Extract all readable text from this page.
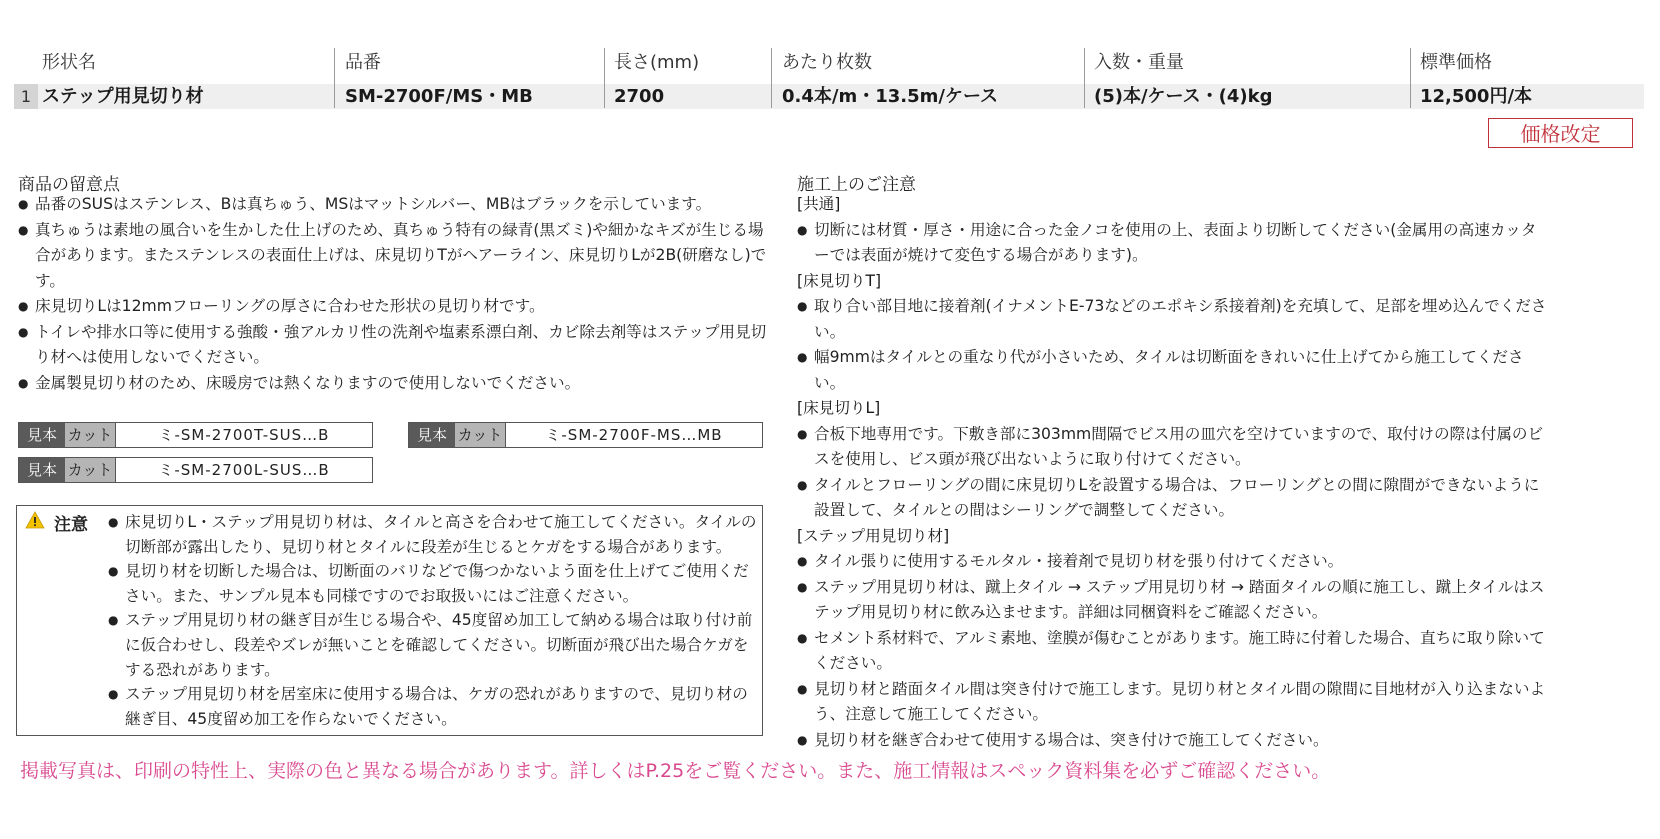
形状名	品番	長さ(mm)	あたり枚数	入数・重量	標準価格
1 ステップ用見切り材	SM-2700F/MS・MB	2700	0.4本/m・13.5m/ケース	(5)本/ケース・(4)kg	12,500円/本
価格改定
商品の留意点
● 品番のSUSはステンレス、Bは真ちゅう、MSはマットシルバー、MBはブラックを示しています。
● 真ちゅうは素地の風合いを生かした仕上げのため、真ちゅう特有の緑青(黒ズミ)や細かなキズが生じる場合があります。またステンレスの表面仕上げは、床見切りTがヘアーライン、床見切りLが2B(研磨なし)です。
● 床見切りLは12mmフローリングの厚さに合わせた形状の見切り材です。
● トイレや排水口等に使用する強酸・強アルカリ性の洗剤や塩素系漂白剤、カビ除去剤等はステップ用見切り材へは使用しないでください。
● 金属製見切り材のため、床暖房では熱くなりますので使用しないでください。
見本 カット	ミ-SM-2700T-SUS…B	見本 カット	ミ-SM-2700F-MS…MB
見本 カット	ミ-SM-2700L-SUS…B
注意
●	床見切りL・ステップ用見切り材は、タイルと高さを合わせて施工してください。タイルの切断部が露出したり、見切り材とタイルに段差が生じるとケガをする場合があります。
● 見切り材を切断した場合は、切断面のバリなどで傷つかないよう面を仕上げてご使用ください。また、サンプル見本も同様ですのでお取扱いにはご注意ください。
● ステップ用見切り材の継ぎ目が生じる場合や、45度留め加工して納める場合は取り付け前に仮合わせし、段差やズレが無いことを確認してください。切断面が飛び出た場合ケガをする恐れがあります。
● ステップ用見切り材を居室床に使用する場合は、ケガの恐れがありますので、見切り材の継ぎ目、45度留め加工を作らないでください。
施工上のご注意
[共通]
● 切断には材質・厚さ・用途に合った金ノコを使用の上、表面より切断してください(金属用の高速カッターでは表面が焼けて変色する場合があります)。
[床見切りT]
● 取り合い部目地に接着剤(イナメントE-73などのエポキシ系接着剤)を充填して、足部を埋め込んでください。
● 幅9mmはタイルとの重なり代が小さいため、タイルは切断面をきれいに仕上げてから施工してください。
[床見切りL]
● 合板下地専用です。下敷き部に303mm間隔でビス用の皿穴を空けていますので、取付けの際は付属のビスを使用し、ビス頭が飛び出ないように取り付けてください。
● タイルとフローリングの間に床見切りLを設置する場合は、フローリングとの間に隙間ができないように設置して、タイルとの間はシーリングで調整してください。
[ステップ用見切り材]
● タイル張りに使用するモルタル・接着剤で見切り材を張り付けてください。
● ステップ用見切り材は、蹴上タイル → ステップ用見切り材 → 踏面タイルの順に施工し、蹴上タイルはステップ用見切り材に飲み込ませます。詳細は同梱資料をご確認ください。
● セメント系材料で、アルミ素地、塗膜が傷むことがあります。施工時に付着した場合、直ちに取り除いてください。
● 見切り材と踏面タイル間は突き付けで施工します。見切り材とタイル間の隙間に目地材が入り込まないよう、注意して施工してください。
● 見切り材を継ぎ合わせて使用する場合は、突き付けで施工してください。
掲載写真は、印刷の特性上、実際の色と異なる場合があります。詳しくはP.25をご覧ください。また、施工情報はスペック資料集を必ずご確認ください。
